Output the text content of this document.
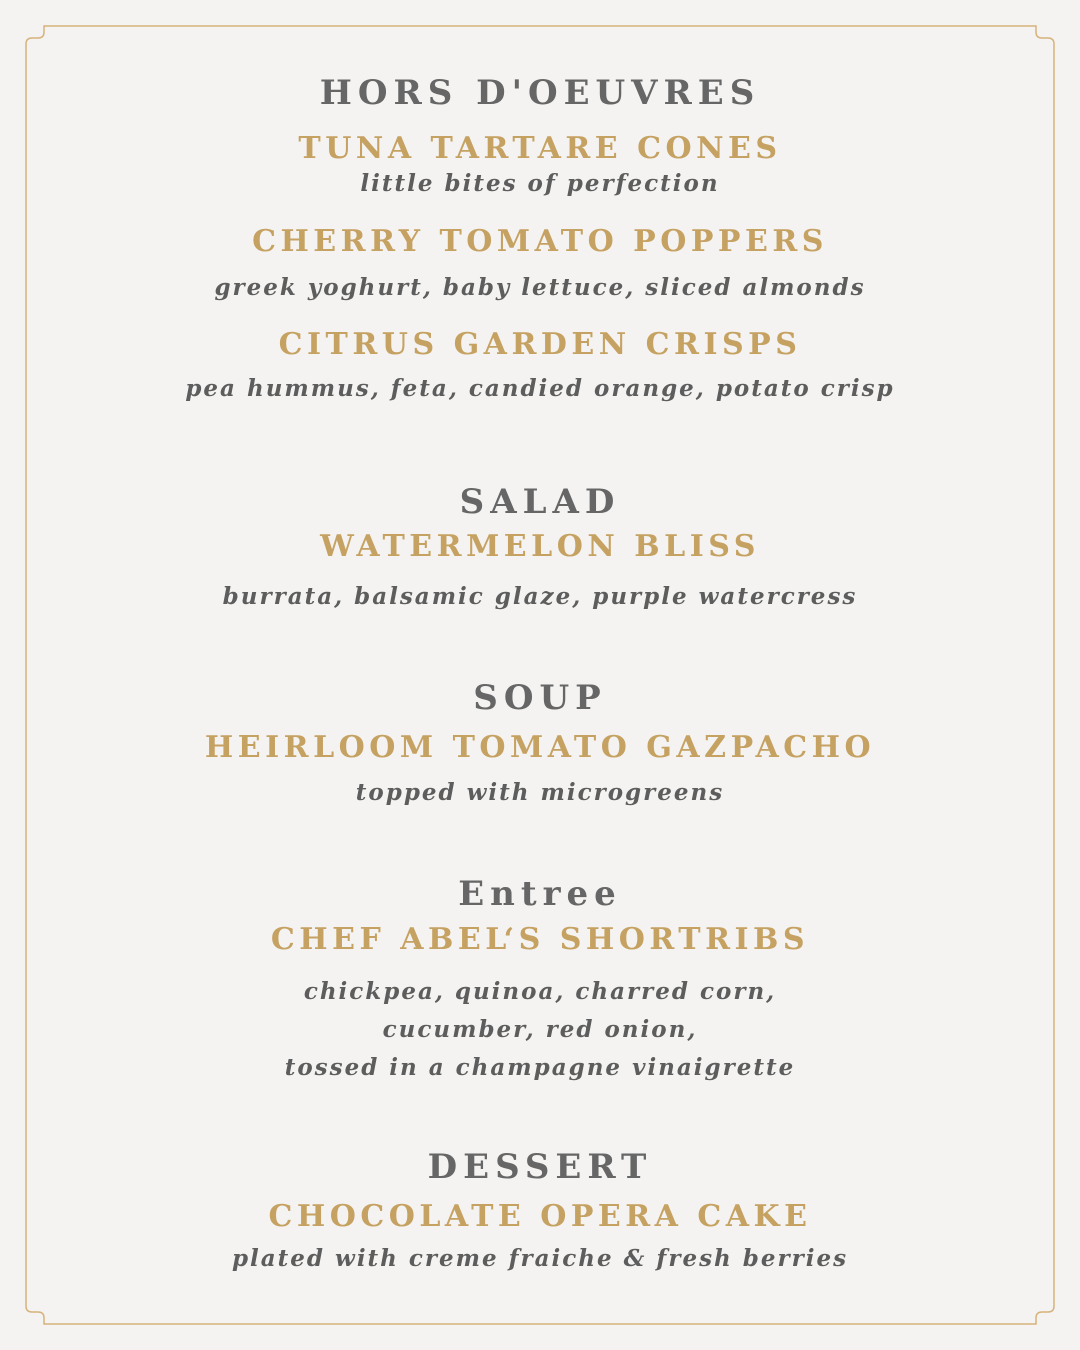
HORS D'OEUVRES
TUNA TARTARE CONES
little bites of perfection
CHERRY TOMATO POPPERS
greek yoghurt, baby lettuce, sliced almonds
CITRUS GARDEN CRISPS
pea hummus, feta, candied orange, potato crisp
SALAD
WATERMELON BLISS
burrata, balsamic glaze, purple watercress
SOUP
HEIRLOOM TOMATO GAZPACHO
topped with microgreens
Entree
CHEF ABEL‘S SHORTRIBS
chickpea, quinoa, charred corn,
cucumber, red onion,
tossed in a champagne vinaigrette
DESSERT
CHOCOLATE OPERA CAKE
plated with creme fraiche & fresh berries
